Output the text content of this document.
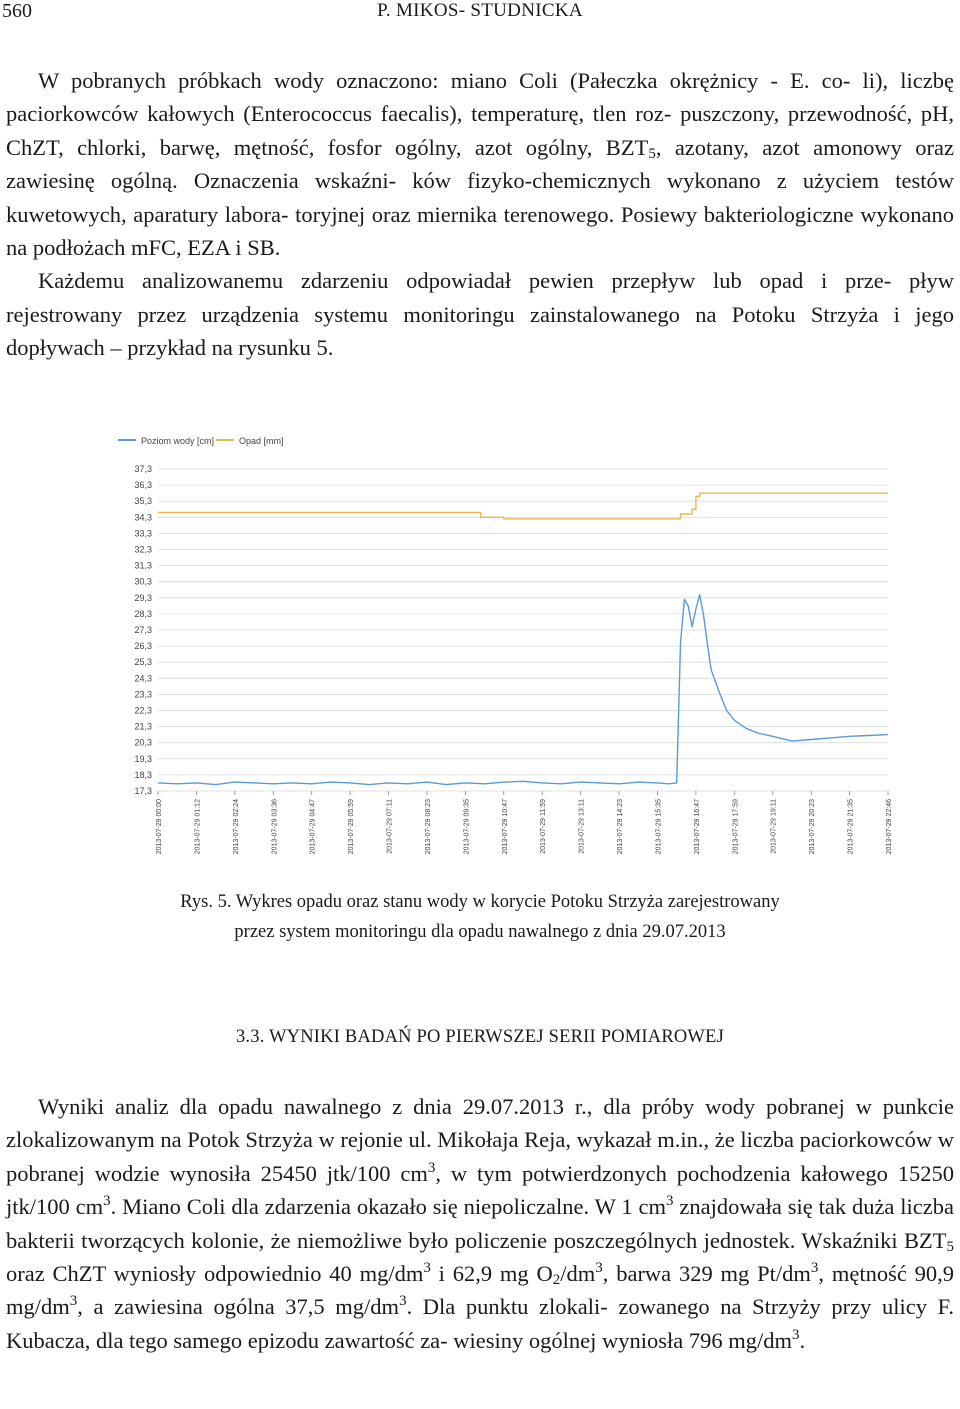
560	P. MIKOS- STUDNICKA

W pobranych próbkach wody oznaczono: miano Coli (Pałeczka okrężnicy - E. co- li), liczbę paciorkowców kałowych (Enterococcus faecalis), temperaturę, tlen roz- puszczony, przewodność, pH, ChZT, chlorki, barwę, mętność, fosfor ogólny, azot ogólny, $BZT_5$, azotany, azot amonowy oraz zawiesinę ogólną. Oznaczenia wskaźni- ków fizyko-chemicznych wykonano z użyciem testów kuwetowych, aparatury labora- toryjnej oraz miernika terenowego. Posiewy bakteriologiczne wykonano na podłożach mFC, EZA i SB.
Każdemu analizowanemu zdarzeniu odpowiadał pewien przepływ lub opad i prze- pływ rejestrowany przez urządzenia systemu monitoringu zainstalowanego na Potoku Strzyża i jego dopływach – przykład na rysunku 5.

Poziom wody [cm]	Opad [mm]
37,3
36,3
35,3
34,3
33,3
32,3
31,3
30,3
29,3
28,3
27,3
26,3
25,3
24,3
23,3
22,3
21,3
20,3
19,3
18,3
17,3
2013-07-29 00:00	2013-07-29 01:12	2013-07-29 02:24	2013-07-29 03:36	2013-07-29 04:47	2013-07-29 05:59	2013-07-29 07:11	2013-07-29 08:23	2013-07-29 09:35	2013-07-29 10:47	2013-07-29 11:59	2013-07-29 13:11	2013-07-29 14:23	2013-07-29 15:35	2013-07-29 16:47	2013-07-29 17:59	2013-07-29 19:11	2013-07-29 20:23	2013-07-29 21:35	2013-07-29 22:46
Rys. 5. Wykres opadu oraz stanu wody w korycie Potoku Strzyża zarejestrowany
przez system monitoringu dla opadu nawalnego z dnia 29.07.2013
3.3. WYNIKI BADAŃ PO PIERWSZEJ SERII POMIAROWEJ

Wyniki analiz dla opadu nawalnego z dnia 29.07.2013 r., dla próby wody pobranej w punkcie zlokalizowanym na Potok Strzyża w rejonie ul. Mikołaja Reja, wykazał m.in., że liczba paciorkowców w pobranej wodzie wynosiła 25450 jtk/100 $cm^3$, w tym potwierdzonych pochodzenia kałowego 15250 jtk/100 $cm^3$. Miano Coli dla zdarzenia okazało się niepoliczalne. W 1 $cm^3$ znajdowała się tak duża liczba bakterii tworzących kolonie, że niemożliwe było policzenie poszczególnych jednostek. Wskaźniki $BZT_5$ oraz ChZT wyniosły odpowiednio 40 $mg/dm^3$ i 62,9 mg $O_2/dm^3$, barwa 329 mg $Pt/dm^3$, mętność 90,9 $mg/dm^3$, a zawiesina ogólna 37,5 $mg/dm^3$. Dla punktu zlokali- zowanego na Strzyży przy ulicy F. Kubacza, dla tego samego epizodu zawartość za- wiesiny ogólnej wyniosła 796 $mg/dm^3$.
